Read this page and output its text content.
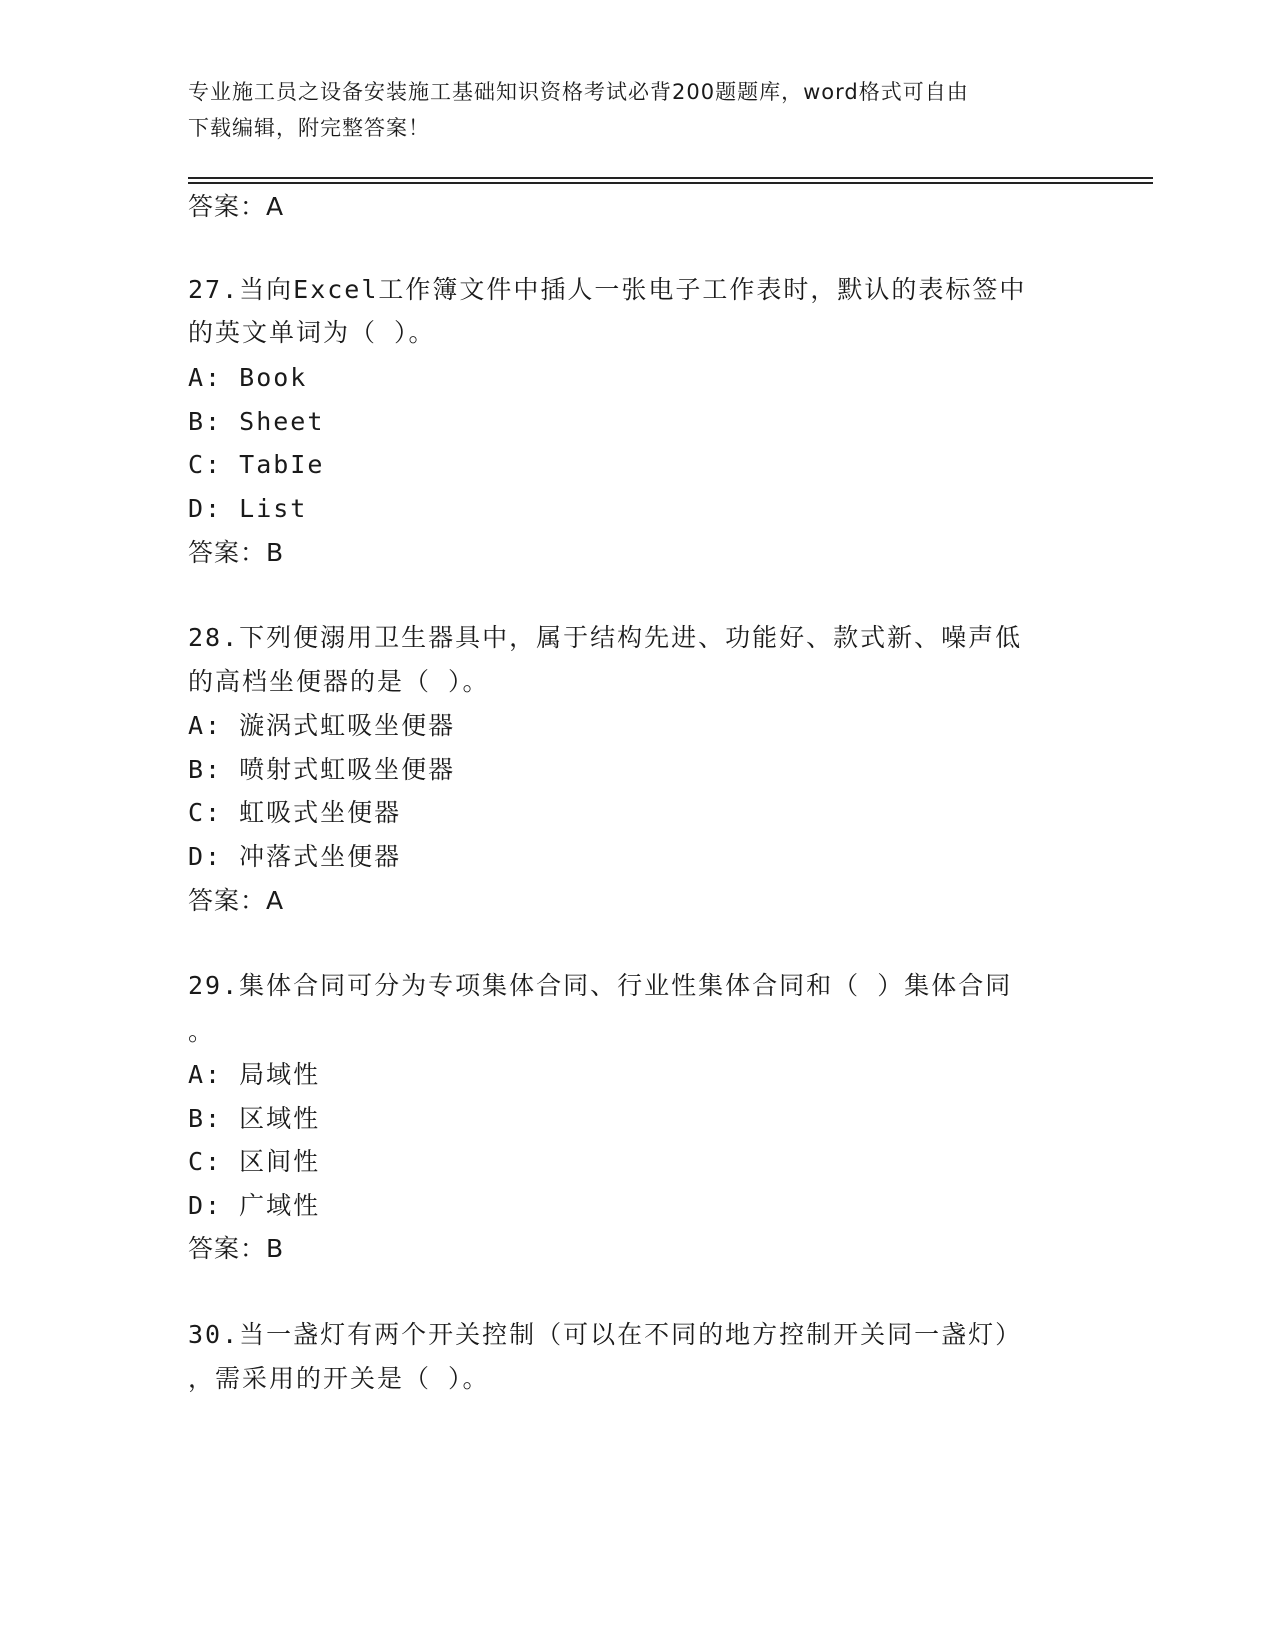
专业施工员之设备安装施工基础知识资格考试必背200题题库，word格式可自由
下载编辑，附完整答案！
答案：A
27.当向Excel工作簿文件中插人一张电子工作表时，默认的表标签中
的英文单词为（ ）。
A: Book
B: Sheet
C: TabIe
D: List
答案：B
28.下列便溺用卫生器具中，属于结构先进、功能好、款式新、噪声低
的高档坐便器的是（ ）。
A: 漩涡式虹吸坐便器
B: 喷射式虹吸坐便器
C: 虹吸式坐便器
D: 冲落式坐便器
答案：A
29.集体合同可分为专项集体合同、行业性集体合同和（ ）集体合同
。
A: 局域性
B: 区域性
C: 区间性
D: 广域性
答案：B
30.当一盏灯有两个开关控制（可以在不同的地方控制开关同一盏灯）
，需采用的开关是（ ）。
